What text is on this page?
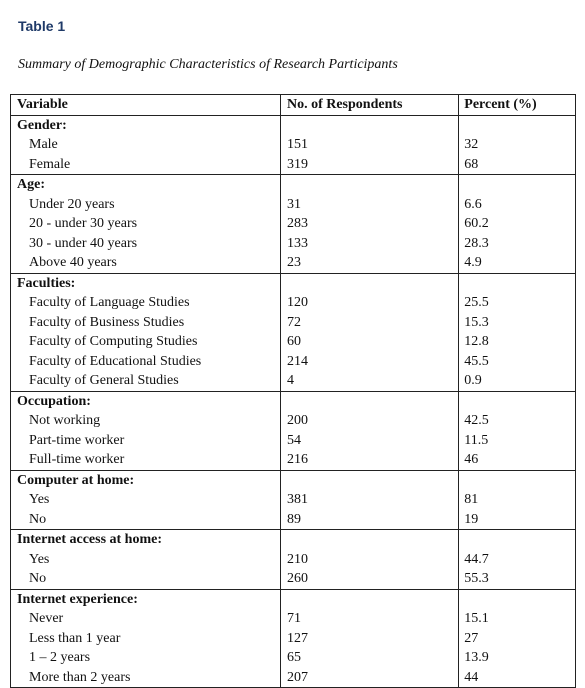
Table 1
Summary of Demographic Characteristics of Research Participants
Variable	No. of Respondents	Percent (%)
Gender:		
Male	151	32
Female	319	68
Age:		
Under 20 years	31	6.6
20 - under 30 years	283	60.2
30 - under 40 years	133	28.3
Above 40 years	23	4.9
Faculties:		
Faculty of Language Studies	120	25.5
Faculty of Business Studies	72	15.3
Faculty of Computing Studies	60	12.8
Faculty of Educational Studies	214	45.5
Faculty of General Studies	4	0.9
Occupation:		
Not working	200	42.5
Part-time worker	54	11.5
Full-time worker	216	46
Computer at home:		
Yes	381	81
No	89	19
Internet access at home:		
Yes	210	44.7
No	260	55.3
Internet experience:		
Never	71	15.1
Less than 1 year	127	27
1 – 2 years	65	13.9
More than 2 years	207	44
